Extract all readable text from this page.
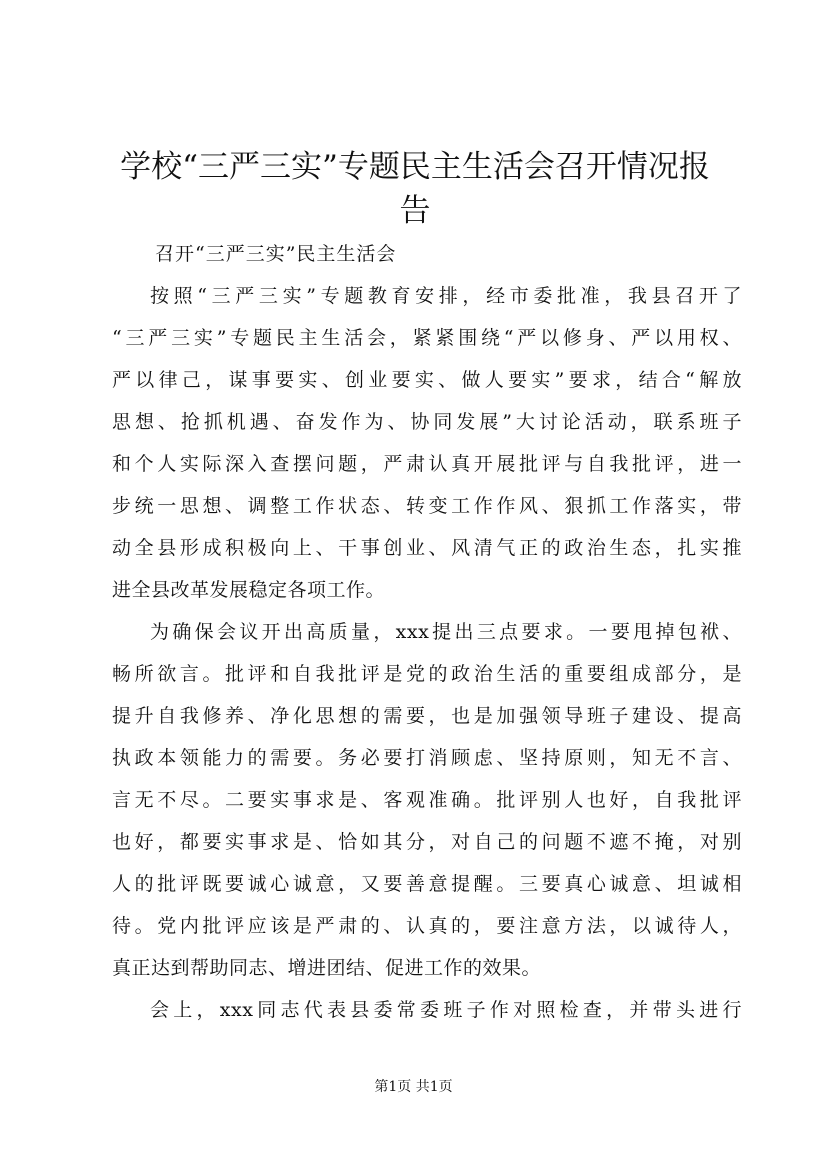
学校“三严三实”专题民主生活会召开情况报
告
召开“三严三实”民主生活会
按照“三严三实”专题教育安排，经市委批准，我县召开了
“三严三实”专题民主生活会，紧紧围绕“严以修身、严以用权、
严以律己，谋事要实、创业要实、做人要实”要求，结合“解放
思想、抢抓机遇、奋发作为、协同发展”大讨论活动，联系班子
和个人实际深入查摆问题，严肃认真开展批评与自我批评，进一
步统一思想、调整工作状态、转变工作作风、狠抓工作落实，带
动全县形成积极向上、干事创业、风清气正的政治生态，扎实推
进全县改革发展稳定各项工作。
为确保会议开出高质量，xxx提出三点要求。一要甩掉包袱、
畅所欲言。批评和自我批评是党的政治生活的重要组成部分，是
提升自我修养、净化思想的需要，也是加强领导班子建设、提高
执政本领能力的需要。务必要打消顾虑、坚持原则，知无不言、
言无不尽。二要实事求是、客观准确。批评别人也好，自我批评
也好，都要实事求是、恰如其分，对自己的问题不遮不掩，对别
人的批评既要诚心诚意，又要善意提醒。三要真心诚意、坦诚相
待。党内批评应该是严肃的、认真的，要注意方法，以诚待人，
真正达到帮助同志、增进团结、促进工作的效果。
会上，xxx同志代表县委常委班子作对照检查，并带头进行
第1页 共1页
